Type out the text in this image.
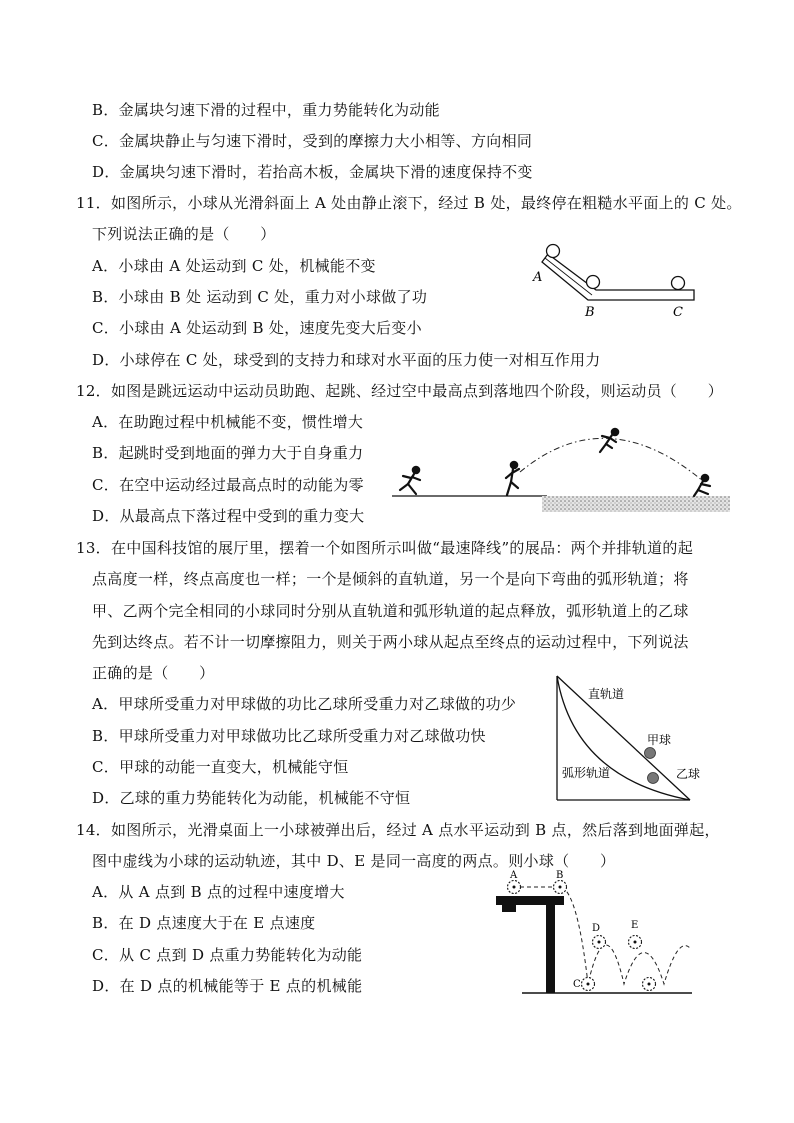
B．金属块匀速下滑的过程中，重力势能转化为动能
C．金属块静止与匀速下滑时，受到的摩擦力大小相等、方向相同
D．金属块匀速下滑时，若抬高木板，金属块下滑的速度保持不变
11．如图所示，小球从光滑斜面上 A 处由静止滚下，经过 B 处，最终停在粗糙水平面上的 C 处。
下列说法正确的是（　　）
A．小球由 A 处运动到 C 处，机械能不变
B．小球由 B 处 运动到 C 处，重力对小球做了功
C．小球由 A 处运动到 B 处，速度先变大后变小
D．小球停在 C 处，球受到的支持力和球对水平面的压力使一对相互作用力
A
B	C
12．如图是跳远运动中运动员助跑、起跳、经过空中最高点到落地四个阶段，则运动员（　　）
A．在助跑过程中机械能不变，惯性增大
B．起跳时受到地面的弹力大于自身重力
C．在空中运动经过最高点时的动能为零
D．从最高点下落过程中受到的重力变大
13．在中国科技馆的展厅里，摆着一个如图所示叫做“最速降线”的展品：两个并排轨道的起
点高度一样，终点高度也一样；一个是倾斜的直轨道，另一个是向下弯曲的弧形轨道；将
甲、乙两个完全相同的小球同时分别从直轨道和弧形轨道的起点释放，弧形轨道上的乙球
先到达终点。若不计一切摩擦阻力，则关于两小球从起点至终点的运动过程中，下列说法
正确的是（　　）
A．甲球所受重力对甲球做的功比乙球所受重力对乙球做的功少
B．甲球所受重力对甲球做功比乙球所受重力对乙球做功快
C．甲球的动能一直变大，机械能守恒
D．乙球的重力势能转化为动能，机械能不守恒
直轨道
甲球
弧形轨道	乙球
14．如图所示，光滑桌面上一小球被弹出后，经过 A 点水平运动到 B 点，然后落到地面弹起，
图中虚线为小球的运动轨迹，其中 D、E 是同一高度的两点。则小球（　　）
A．从 A 点到 B 点的过程中速度增大
B．在 D 点速度大于在 E 点速度
C．从 C 点到 D 点重力势能转化为动能
D．在 D 点的机械能等于 E 点的机械能
A	B
C
D	E
